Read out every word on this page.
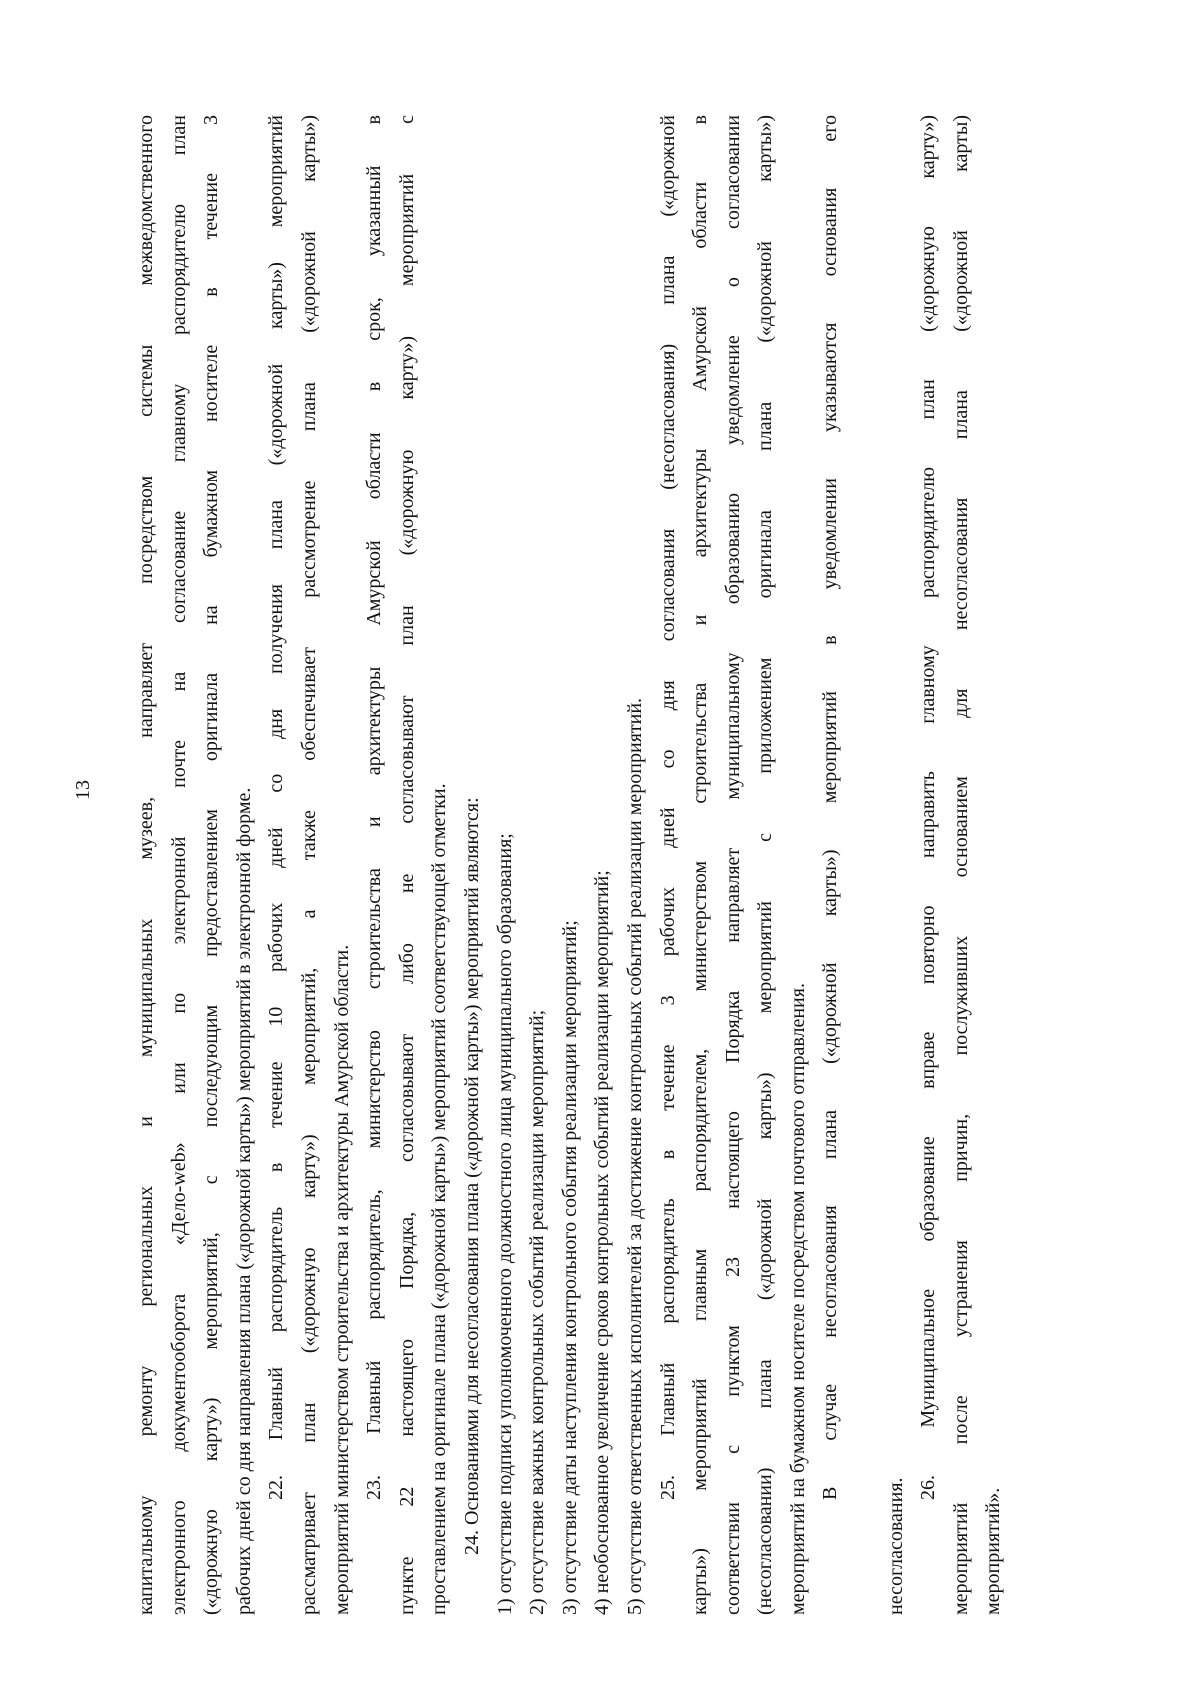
13 капитальному ремонту региональных и муниципальных музеев, направляет посредством системы межведомственного электронного документооборота «Дело-web» или по электронной почте на согласование главному распорядителю план («дорожную карту») мероприятий, с последующим предоставлением оригинала на бумажном носителе в течение 3 рабочих дней со дня направления плана («дорожной карты») мероприятий в электронной форме. 22. Главный распорядитель в течение 10 рабочих дней со дня получения плана («дорожной карты») мероприятий рассматривает план («дорожную карту») мероприятий, а также обеспечивает рассмотрение плана («дорожной карты») мероприятий министерством строительства и архитектуры Амурской области. 23. Главный распорядитель, министерство строительства и архитектуры Амурской области в срок, указанный в пункте 22 настоящего Порядка, согласовывают либо не согласовывают план («дорожную карту») мероприятий с проставлением на оригинале плана («дорожной карты») мероприятий соответствующей отметки. 24. Основаниями для несогласования плана («дорожной карты») мероприятий являются: 1) отсутствие подписи уполномоченного должностного лица муниципального образования; 2) отсутствие важных контрольных событий реализации мероприятий; 3) отсутствие даты наступления контрольного события реализации мероприятий; 4) необоснованное увеличение сроков контрольных событий реализации мероприятий; 5) отсутствие ответственных исполнителей за достижение контрольных событий реализации мероприятий. 25. Главный распорядитель в течение 3 рабочих дней со дня согласования (несогласования) плана («дорожной карты») мероприятий главным распорядителем, министерством строительства и архитектуры Амурской области в соответствии с пунктом 23 настоящего Порядка направляет муниципальному образованию уведомление о согласовании (несогласовании) плана («дорожной карты») мероприятий с приложением оригинала плана («дорожной карты») мероприятий на бумажном носителе посредством почтового отправления. В случае несогласования плана («дорожной карты») мероприятий в уведомлении указываются основания его
несогласования.
26. Муниципальное образование вправе повторно направить главному распорядителю план («дорожную карту») мероприятий после устранения причин, послуживших основанием для несогласования плана («дорожной карты) мероприятий».
